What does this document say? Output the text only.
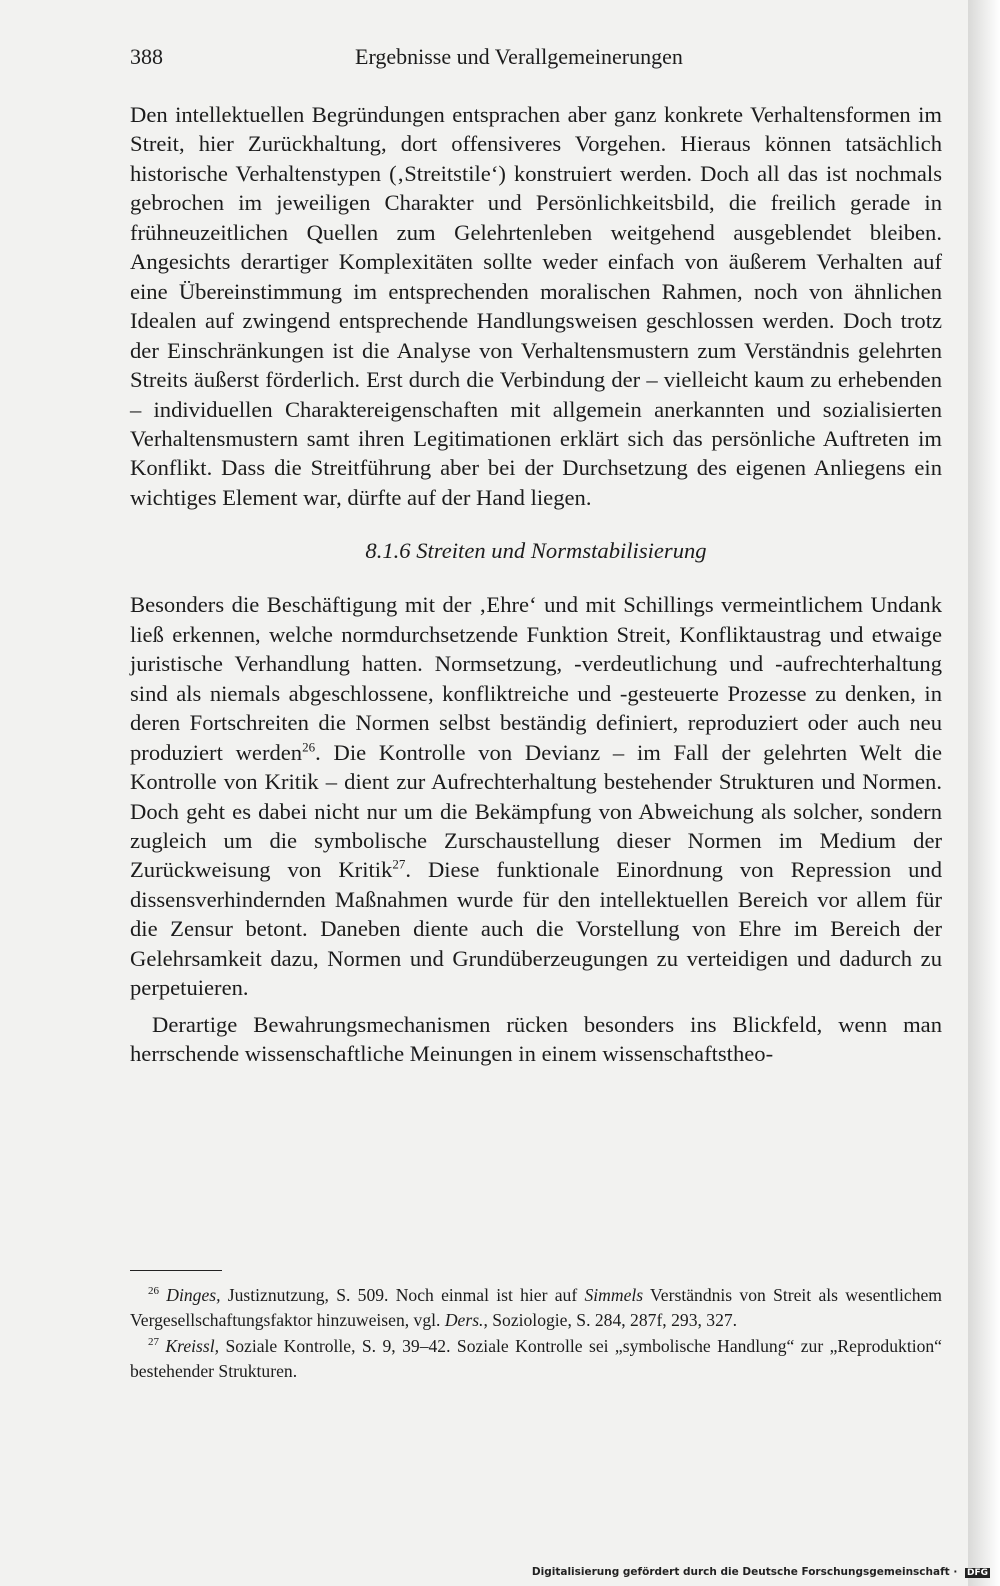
388	Ergebnisse und Verallgemeinerungen

Den intellektuellen Begründungen entsprachen aber ganz konkrete Verhaltensformen im Streit, hier Zurückhaltung, dort offensiveres Vorgehen. Hieraus können tatsächlich historische Verhaltenstypen (‚Streitstile‘) konstruiert werden. Doch all das ist nochmals gebrochen im jeweiligen Charakter und Persönlichkeitsbild, die freilich gerade in frühneuzeitlichen Quellen zum Gelehrtenleben weitgehend ausgeblendet bleiben. Angesichts derartiger Komplexitäten sollte weder einfach von äußerem Verhalten auf eine Übereinstimmung im entsprechenden moralischen Rahmen, noch von ähnlichen Idealen auf zwingend entsprechende Handlungsweisen geschlossen werden. Doch trotz der Einschränkungen ist die Analyse von Verhaltensmustern zum Verständnis gelehrten Streits äußerst förderlich. Erst durch die Verbindung der – vielleicht kaum zu erhebenden – individuellen Charaktereigenschaften mit allgemein anerkannten und sozialisierten Verhaltensmustern samt ihren Legitimationen erklärt sich das persönliche Auftreten im Konflikt. Dass die Streitführung aber bei der Durchsetzung des eigenen Anliegens ein wichtiges Element war, dürfte auf der Hand liegen.

8.1.6 Streiten und Normstabilisierung

Besonders die Beschäftigung mit der ‚Ehre‘ und mit Schillings vermeintlichem Undank ließ erkennen, welche normdurchsetzende Funktion Streit, Konfliktaustrag und etwaige juristische Verhandlung hatten. Normsetzung, -verdeutlichung und -aufrechterhaltung sind als niemals abgeschlossene, konfliktreiche und -gesteuerte Prozesse zu denken, in deren Fortschreiten die Normen selbst beständig definiert, reproduziert oder auch neu produziert werden$^{26}$. Die Kontrolle von Devianz – im Fall der gelehrten Welt die Kontrolle von Kritik – dient zur Aufrechterhaltung bestehender Strukturen und Normen. Doch geht es dabei nicht nur um die Bekämpfung von Abweichung als solcher, sondern zugleich um die symbolische Zurschaustellung dieser Normen im Medium der Zurückweisung von Kritik$^{27}$. Diese funktionale Einordnung von Repression und dissensverhindernden Maßnahmen wurde für den intellektuellen Bereich vor allem für die Zensur betont. Daneben diente auch die Vorstellung von Ehre im Bereich der Gelehrsamkeit dazu, Normen und Grundüberzeugungen zu verteidigen und dadurch zu perpetuieren.

Derartige Bewahrungsmechanismen rücken besonders ins Blickfeld, wenn man herrschende wissenschaftliche Meinungen in einem wissenschaftstheo-

$^{26}$ Dinges, Justiznutzung, S. 509. Noch einmal ist hier auf Simmels Verständnis von Streit als wesentlichem Vergesellschaftungsfaktor hinzuweisen, vgl. Ders., Soziologie, S. 284, 287f, 293, 327.

$^{27}$ Kreissl, Soziale Kontrolle, S. 9, 39–42. Soziale Kontrolle sei „symbolische Handlung“ zur „Reproduktion“ bestehender Strukturen.

Digitalisierung gefördert durch die Deutsche Forschungsgemeinschaft · DFG
